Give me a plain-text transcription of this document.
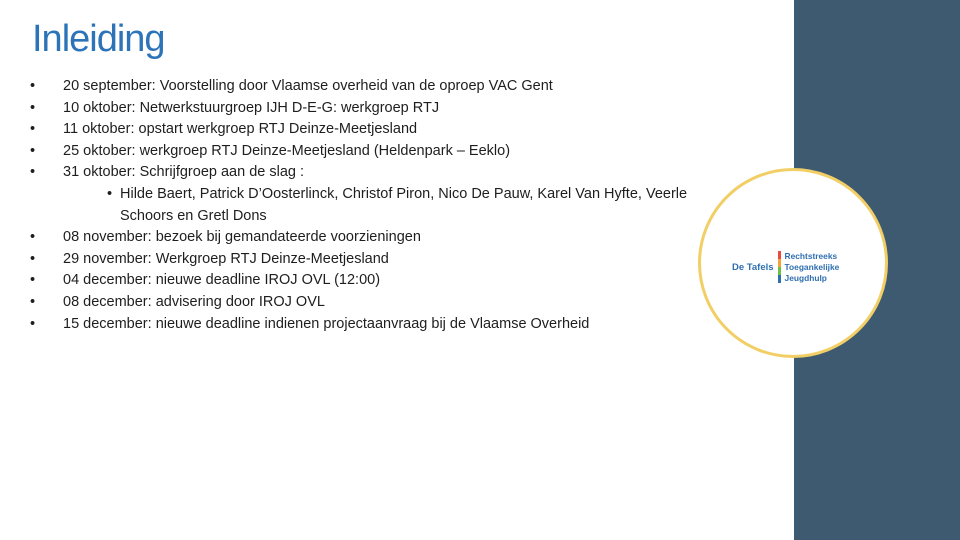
Inleiding
• 20 september: Voorstelling door Vlaamse overheid van de oproep VAC Gent
• 10 oktober: Netwerkstuurgroep IJH D-E-G: werkgroep RTJ
• 11 oktober: opstart werkgroep RTJ Deinze-Meetjesland
• 25 oktober: werkgroep RTJ Deinze-Meetjesland (Heldenpark – Eeklo)
• 31 oktober: Schrijfgroep aan de slag :
• Hilde Baert, Patrick D’Oosterlinck, Christof Piron, Nico De Pauw, Karel Van Hyfte, Veerle Schoors en Gretl Dons
• 08 november: bezoek bij gemandateerde voorzieningen
• 29 november: Werkgroep RTJ Deinze-Meetjesland
• 04 december: nieuwe deadline IROJ OVL (12:00)
• 08 december: advisering door IROJ OVL
• 15 december: nieuwe deadline indienen projectaanvraag bij de Vlaamse Overheid
De Tafels
Rechtstreeks
Toegankelijke
Jeugdhulp
